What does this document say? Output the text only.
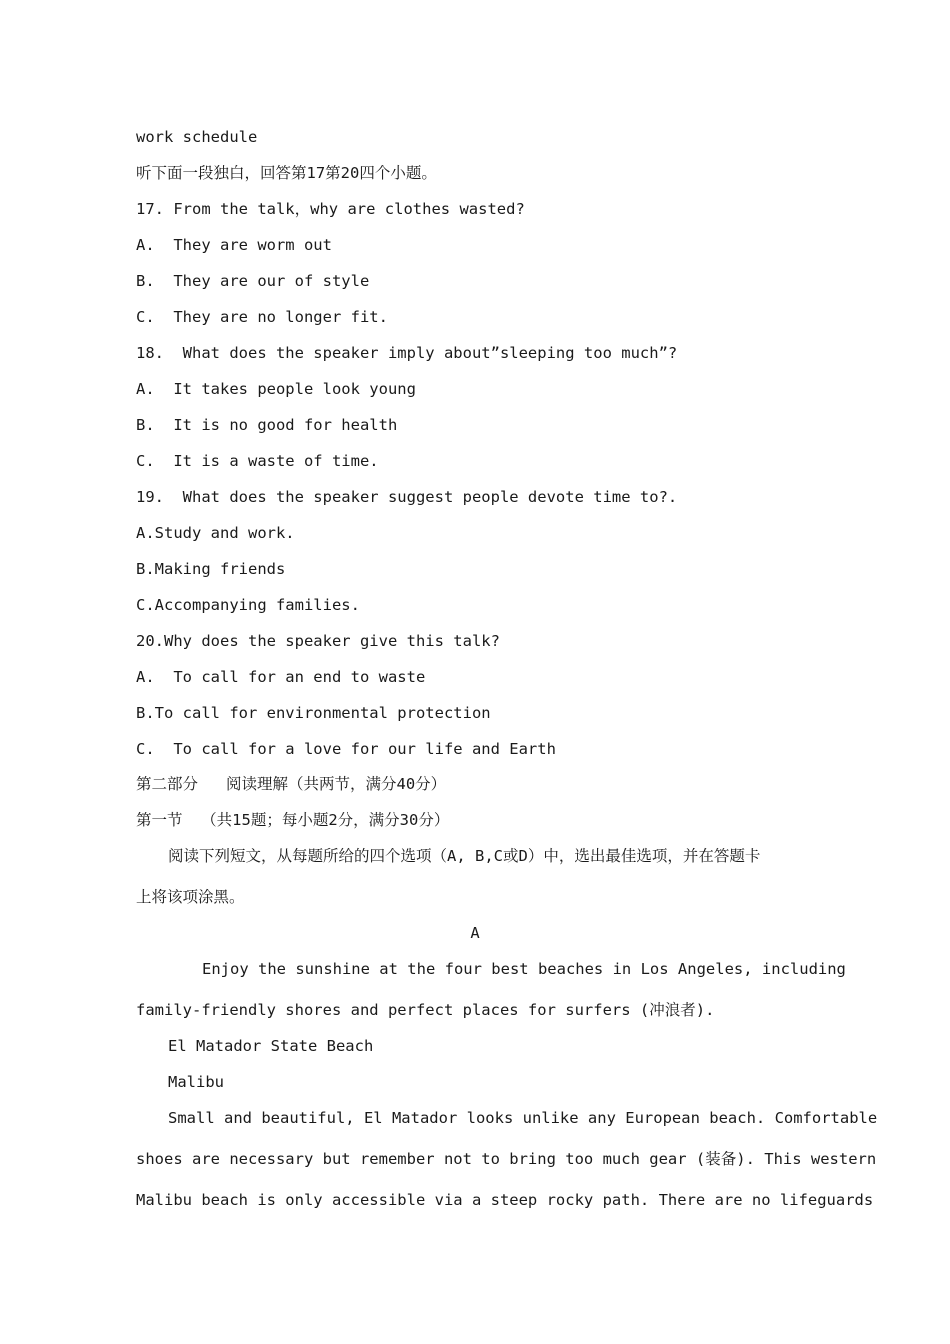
work schedule

听下面一段独白，回答第17第20四个小题。

17. From the talk，why are clothes wasted?

A.  They are worm out

B.  They are our of style

C.  They are no longer fit.

18.  What does the speaker imply about”sleeping too much”?

A.  It takes people look young

B.  It is no good for health

C.  It is a waste of time.

19.  What does the speaker suggest people devote time to?.

A.Study and work.

B.Making friends

C.Accompanying families.

20.Why does the speaker give this talk?

A.  To call for an end to waste

B.To call for environmental protection

C.  To call for a love for our life and Earth

第二部分   阅读理解（共两节，满分40分）

第一节  （共15题；每小题2分，满分30分）

阅读下列短文，从每题所给的四个选项（A, B,C或D）中，选出最佳选项，并在答题卡

上将该项涂黑。

A

Enjoy the sunshine at the four best beaches in Los Angeles, including

family-friendly shores and perfect places for surfers (冲浪者).

El Matador State Beach

Malibu

Small and beautiful, El Matador looks unlike any European beach. Comfortable

shoes are necessary but remember not to bring too much gear (装备). This western

Malibu beach is only accessible via a steep rocky path. There are no lifeguards
